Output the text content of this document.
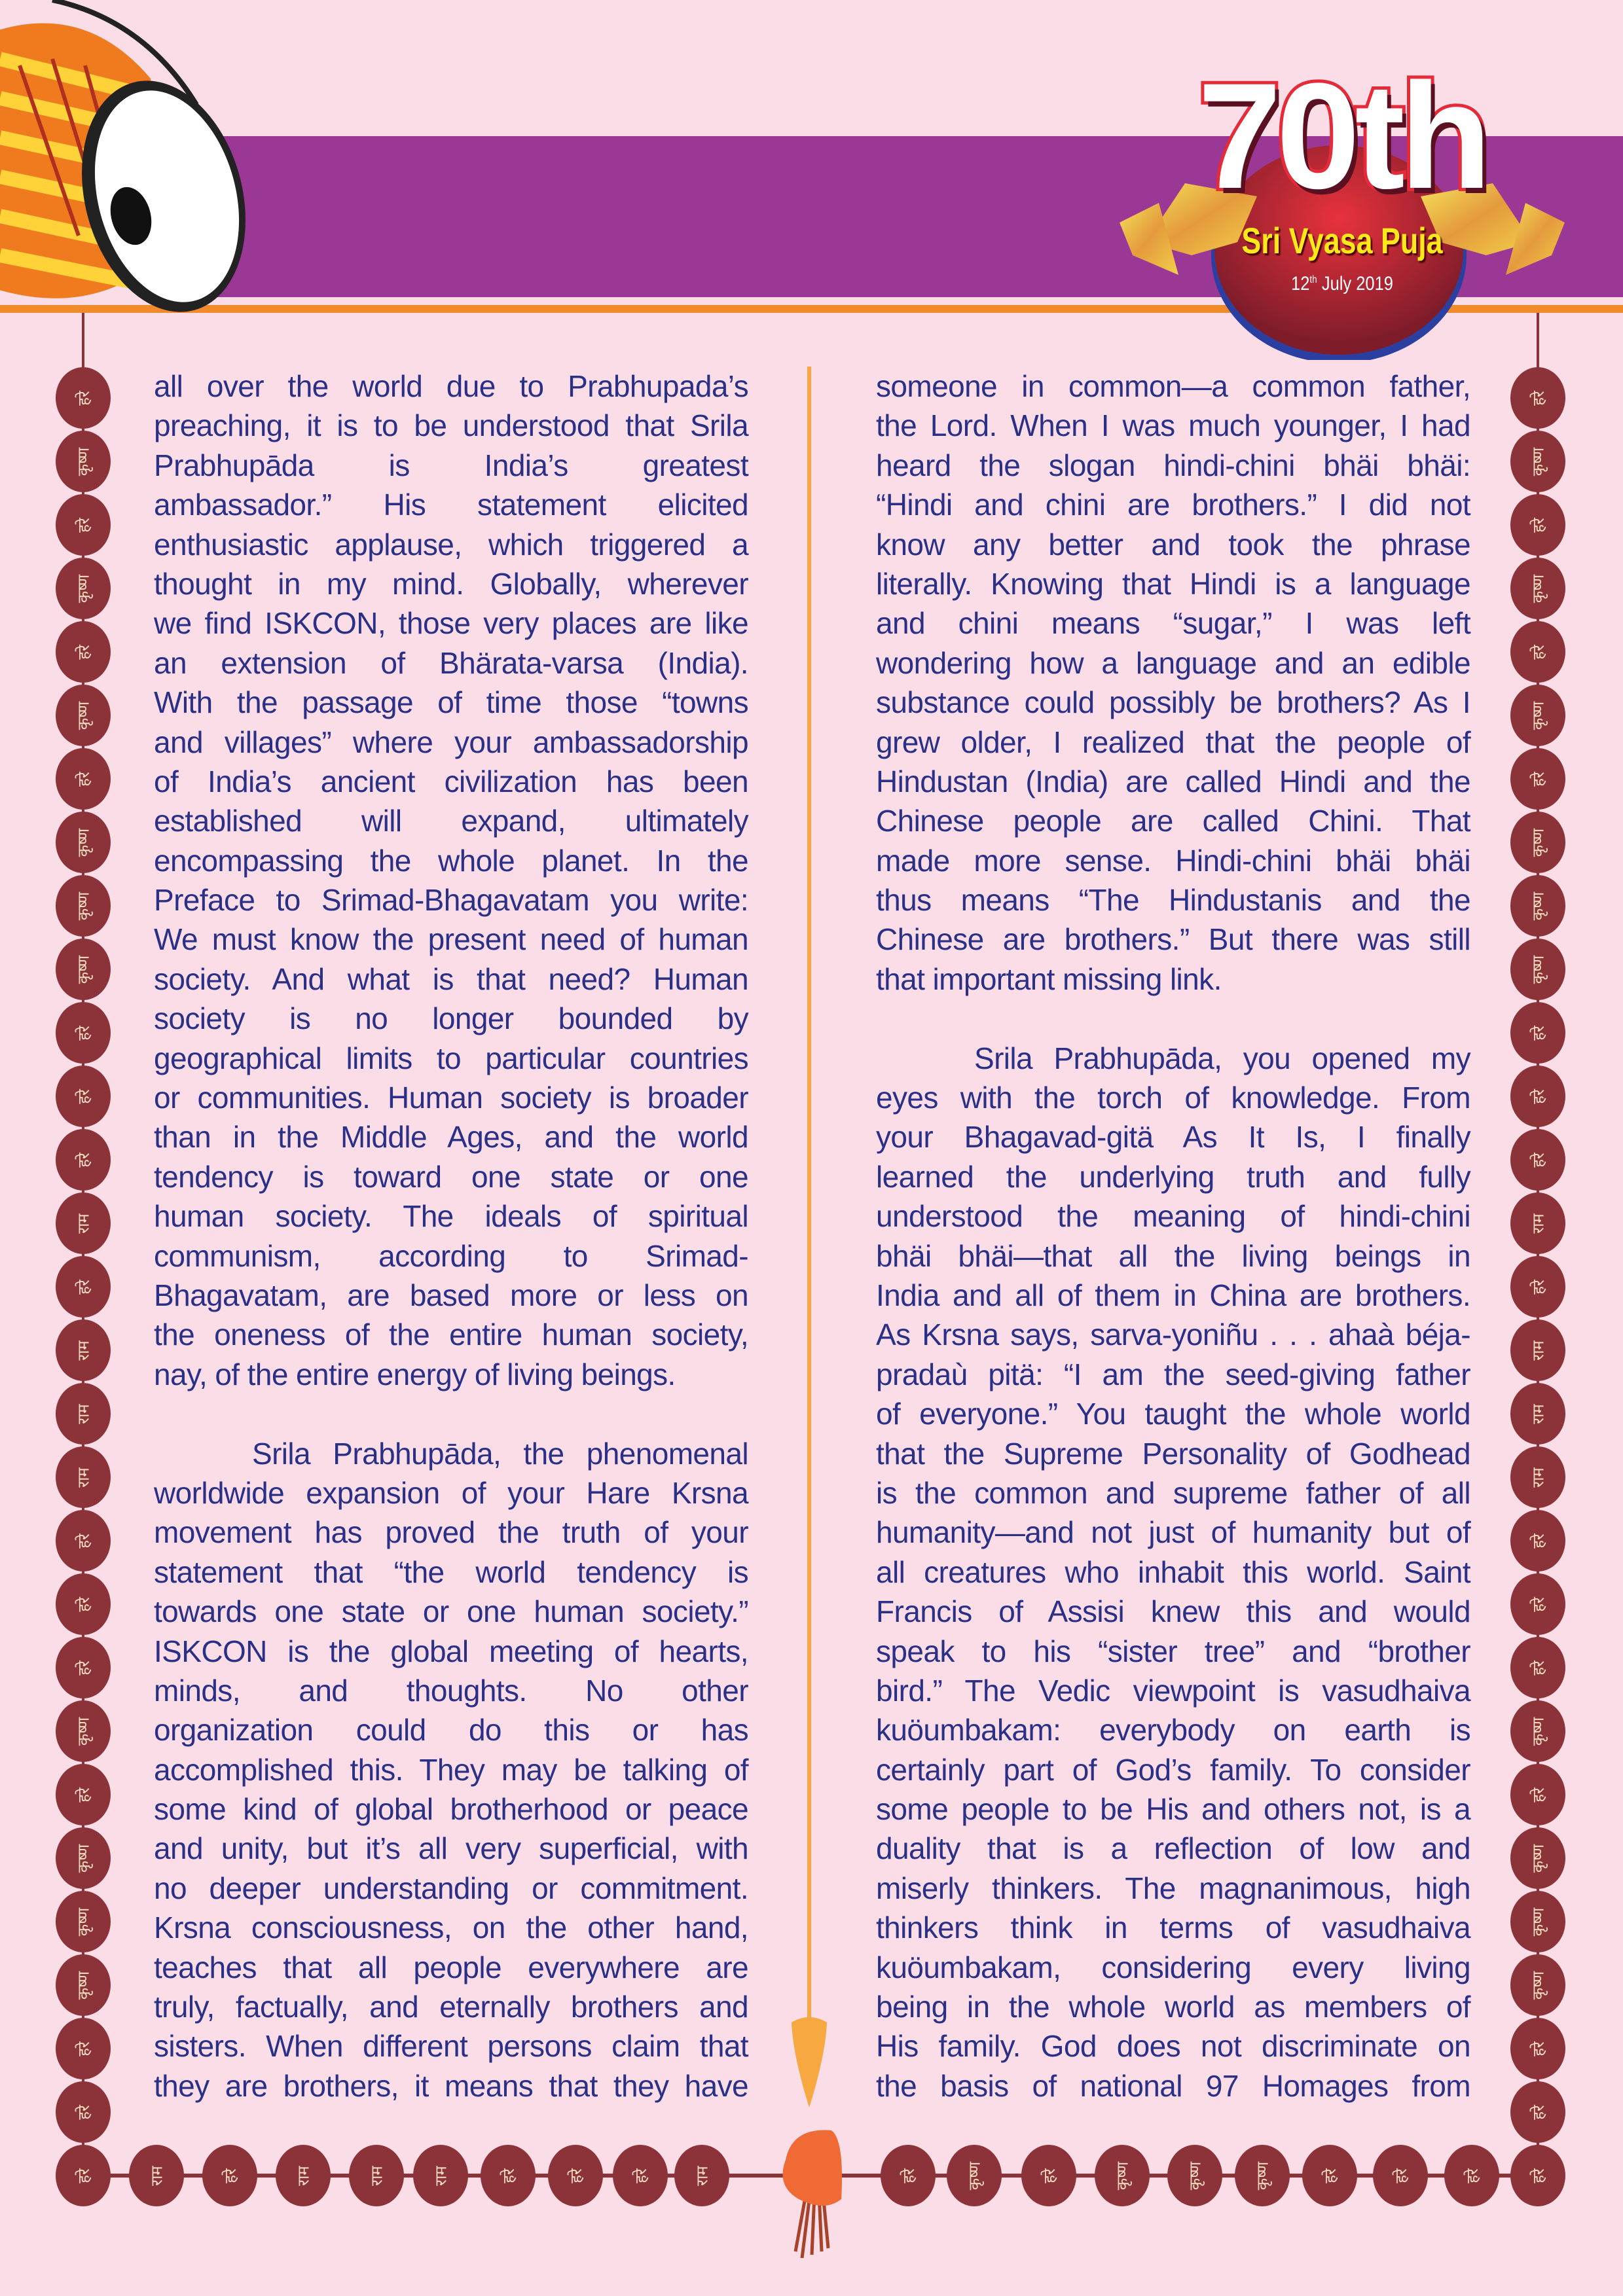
70th
Sri Vyasa Puja
12th July 2019
all over the world due to Prabhupada’s
preaching, it is to be understood that Srila
Prabhupāda is India’s greatest
ambassador.” His statement elicited
enthusiastic applause, which triggered a
thought in my mind. Globally, wherever
we find ISKCON, those very places are like
an extension of Bhärata-varsa (India).
With the passage of time those “towns
and villages” where your ambassadorship
of India’s ancient civilization has been
established will expand, ultimately
encompassing the whole planet. In the
Preface to Srimad-Bhagavatam you write:
We must know the present need of human
society. And what is that need? Human
society is no longer bounded by
geographical limits to particular countries
or communities. Human society is broader
than in the Middle Ages, and the world
tendency is toward one state or one
human society. The ideals of spiritual
communism, according to Srimad-
Bhagavatam, are based more or less on
the oneness of the entire human society,
nay, of the entire energy of living beings.
Srila Prabhupāda, the phenomenal
worldwide expansion of your Hare Krsna
movement has proved the truth of your
statement that “the world tendency is
towards one state or one human society.”
ISKCON is the global meeting of hearts,
minds, and thoughts. No other
organization could do this or has
accomplished this. They may be talking of
some kind of global brotherhood or peace
and unity, but it’s all very superficial, with
no deeper understanding or commitment.
Krsna consciousness, on the other hand,
teaches that all people everywhere are
truly, factually, and eternally brothers and
sisters. When different persons claim that
they are brothers, it means that they have
someone in common—a common father,
the Lord. When I was much younger, I had
heard the slogan hindi-chini bhäi bhäi:
“Hindi and chini are brothers.” I did not
know any better and took the phrase
literally. Knowing that Hindi is a language
and chini means “sugar,” I was left
wondering how a language and an edible
substance could possibly be brothers? As I
grew older, I realized that the people of
Hindustan (India) are called Hindi and the
Chinese people are called Chini. That
made more sense. Hindi-chini bhäi bhäi
thus means “The Hindustanis and the
Chinese are brothers.” But there was still
that important missing link.
Srila Prabhupāda, you opened my
eyes with the torch of knowledge. From
your Bhagavad-gitä As It Is, I finally
learned the underlying truth and fully
understood the meaning of hindi-chini
bhäi bhäi—that all the living beings in
India and all of them in China are brothers.
As Krsna says, sarva-yoniñu . . . ahaà béja-
pradaù pitä: “I am the seed-giving father
of everyone.” You taught the whole world
that the Supreme Personality of Godhead
is the common and supreme father of all
humanity—and not just of humanity but of
all creatures who inhabit this world. Saint
Francis of Assisi knew this and would
speak to his “sister tree” and “brother
bird.” The Vedic viewpoint is vasudhaiva
kuöumbakam: everybody on earth is
certainly part of God’s family. To consider
some people to be His and others not, is a
duality that is a reflection of low and
miserly thinkers. The magnanimous, high
thinkers think in terms of vasudhaiva
kuöumbakam, considering every living
being in the whole world as members of
His family. God does not discriminate on
the basis of national 97 Homages from
हरे
कृष्ण
हरे
कृष्ण
हरे
कृष्ण
हरे
कृष्ण
कृष्ण
कृष्ण
हरे
हरे
हरे
राम
हरे
राम
राम
राम
हरे
हरे
हरे
कृष्ण
हरे
कृष्ण
कृष्ण
कृष्ण
हरे
हरे
हरे
कृष्ण
हरे
कृष्ण
हरे
कृष्ण
हरे
कृष्ण
कृष्ण
कृष्ण
हरे
हरे
हरे
राम
हरे
राम
राम
राम
हरे
हरे
हरे
कृष्ण
हरे
कृष्ण
कृष्ण
कृष्ण
हरे
हरे
हरे	राम	हरे	राम	राम	राम	हरे	हरे	हरे	राम	हरे	कृष्ण	हरे	कृष्ण	कृष्ण	कृष्ण	हरे	हरे	हरे	हरे
